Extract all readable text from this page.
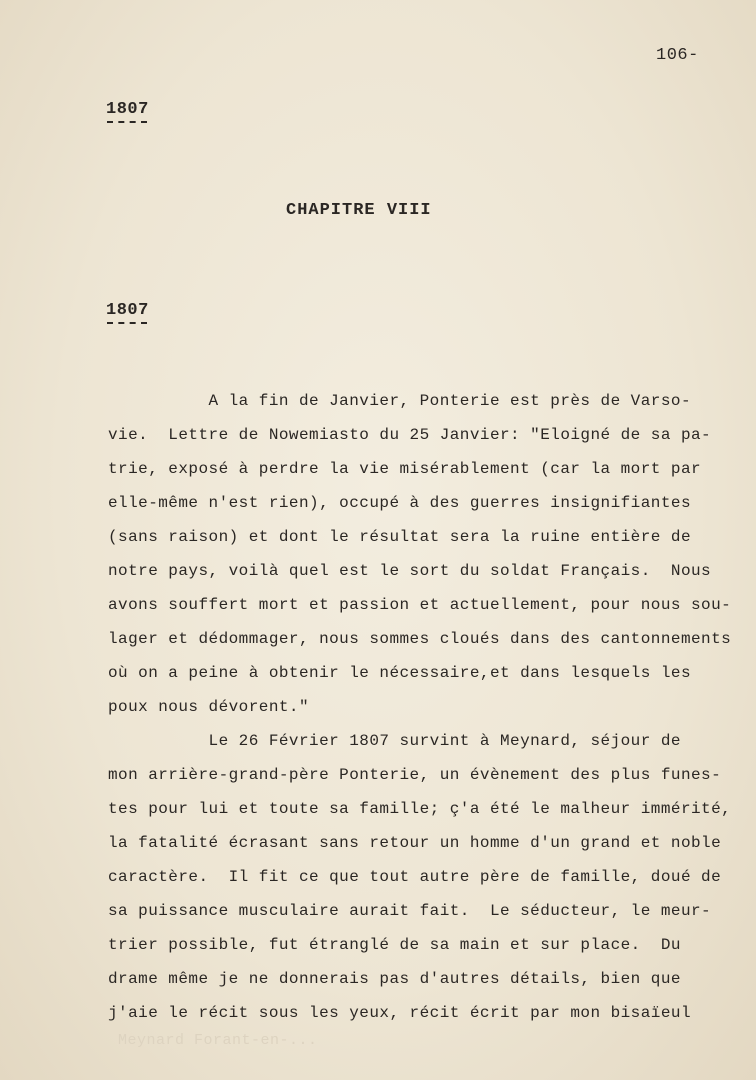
106-
1807
CHAPITRE VIII
1807
A la fin de Janvier, Ponterie est près de Varso-
vie.  Lettre de Nowemiasto du 25 Janvier: "Eloigné de sa pa-
trie, exposé à perdre la vie misérablement (car la mort par
elle-même n'est rien), occupé à des guerres insignifiantes
(sans raison) et dont le résultat sera la ruine entière de
notre pays, voilà quel est le sort du soldat Français.  Nous
avons souffert mort et passion et actuellement, pour nous sou-
lager et dédommager, nous sommes cloués dans des cantonnements
où on a peine à obtenir le nécessaire,et dans lesquels les
poux nous dévorent."
Le 26 Février 1807 survint à Meynard, séjour de
mon arrière-grand-père Ponterie, un évènement des plus funes-
tes pour lui et toute sa famille; ç'a été le malheur immérité,
la fatalité écrasant sans retour un homme d'un grand et noble
caractère.  Il fit ce que tout autre père de famille, doué de
sa puissance musculaire aurait fait.  Le séducteur, le meur-
trier possible, fut étranglé de sa main et sur place.  Du
drame même je ne donnerais pas d'autres détails, bien que
j'aie le récit sous les yeux, récit écrit par mon bisaïeul
Meynard Forant-en-...
